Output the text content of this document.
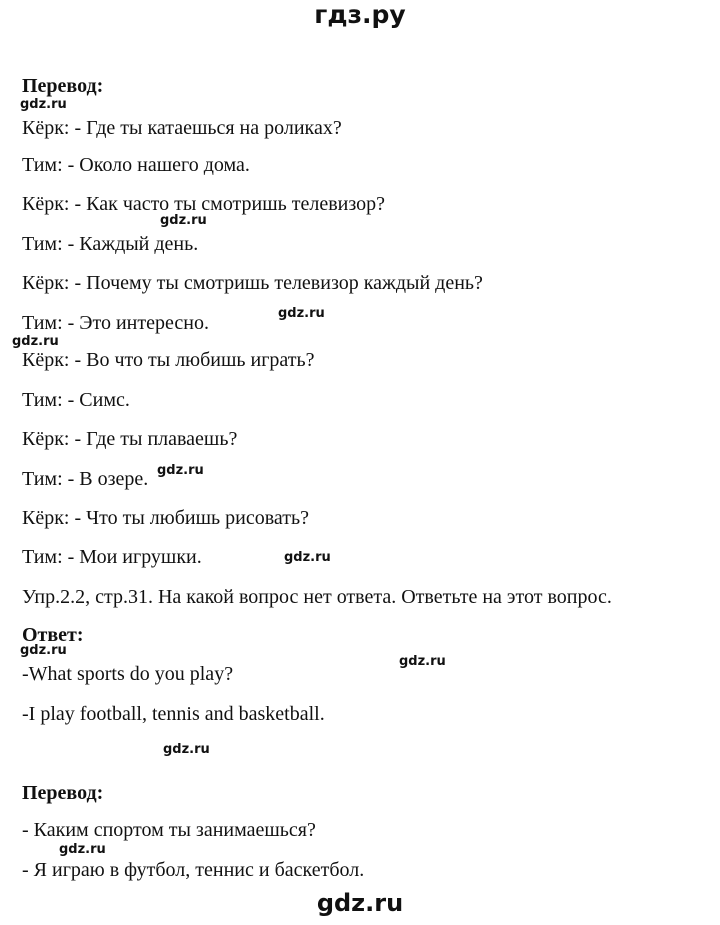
гдз.ру
Перевод:
Кёрк: - Где ты катаешься на роликах?
Тим: - Около нашего дома.
Кёрк: - Как часто ты смотришь телевизор?
Тим: - Каждый день.
Кёрк: - Почему ты смотришь телевизор каждый день?
Тим: - Это интересно.
Кёрк: - Во что ты любишь играть?
Тим: - Симс.
Кёрк: - Где ты плаваешь?
Тим: - В озере.
Кёрк: - Что ты любишь рисовать?
Тим: - Мои игрушки.
Упр.2.2, стр.31. На какой вопрос нет ответа. Ответьте на этот вопрос.
Ответ:
-What sports do you play?
-I play football, tennis and basketball.
Перевод:
- Каким спортом ты занимаешься?
- Я играю в футбол, теннис и баскетбол.
gdz.ru
gdz.ru
gdz.ru
gdz.ru
gdz.ru
gdz.ru
gdz.ru
gdz.ru
gdz.ru
gdz.ru
gdz.ru
